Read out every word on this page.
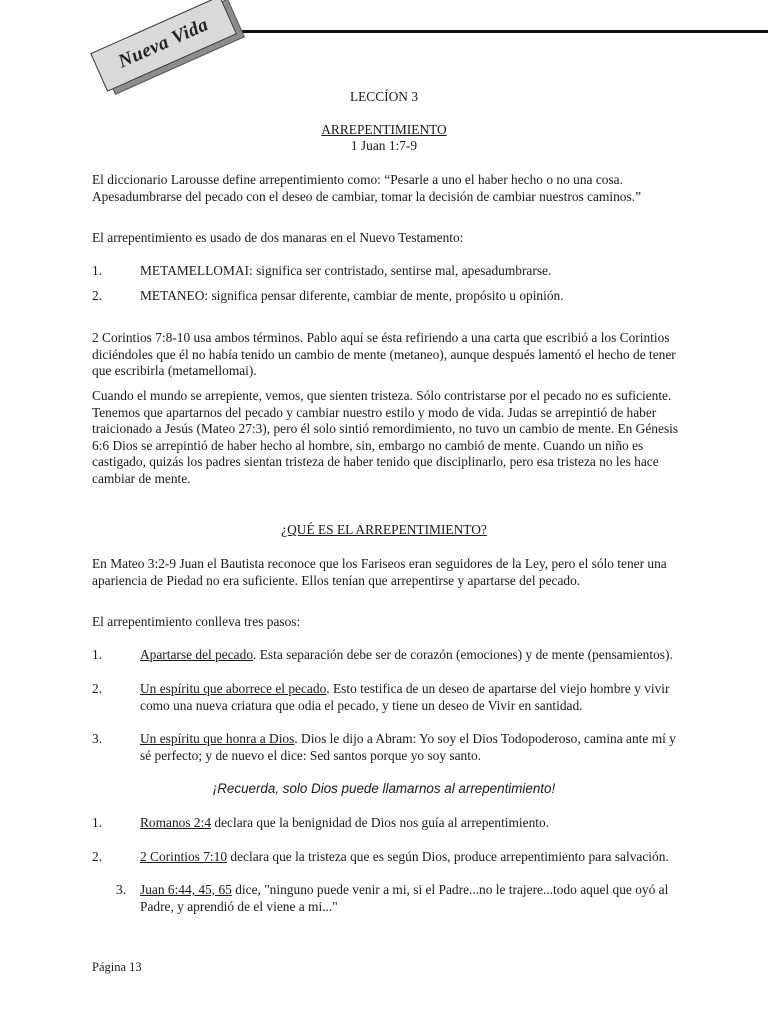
Nueva Vida
LECCÍON 3
ARREPENTIMIENTO
1 Juan 1:7-9
El diccionario Larousse define arrepentimiento como: “Pesarle a uno el haber hecho o no una cosa. Apesadumbrarse del pecado con el deseo de cambiar, tomar la decisión de cambiar nuestros caminos.”
El arrepentimiento es usado de dos manaras en el Nuevo Testamento:
1.	METAMELLOMAI: significa ser contristado, sentirse mal, apesadumbrarse.
2.	METANEO: significa pensar diferente, cambiar de mente, propósito u opinión.
2 Corintios 7:8-10 usa ambos términos. Pablo aquí se ésta refiriendo a una carta que escribió a los Corintios diciéndoles que él no había tenido un cambio de mente (metaneo), aunque después lamentó el hecho de tener que escribirla (metamellomai).
Cuando el mundo se arrepiente, vemos, que sienten tristeza. Sólo contristarse por el pecado no es suficiente. Tenemos que apartarnos del pecado y cambiar nuestro estilo y modo de vida. Judas se arrepintió de haber traicionado a Jesús (Mateo 27:3), pero él solo sintió remordimiento, no tuvo un cambio de mente. En Génesis 6:6 Dios se arrepintió de haber hecho al hombre, sin, embargo no cambió de mente. Cuando un niño es castigado, quizás los padres sientan tristeza de haber tenido que disciplinarlo, pero esa tristeza no les hace cambiar de mente.
¿QUÉ ES EL ARREPENTIMIENTO?
En Mateo 3:2-9 Juan el Bautista reconoce que los Fariseos eran seguidores de la Ley, pero el sólo tener una apariencia de Piedad no era suficiente. Ellos tenían que arrepentirse y apartarse del pecado.
El arrepentimiento conlleva tres pasos:
1.	Apartarse del pecado. Esta separación debe ser de corazón (emociones) y de mente (pensamientos).
2.	Un espíritu que aborrece el pecado. Esto testifica de un deseo de apartarse del viejo hombre y vivir como una nueva criatura que odia el pecado, y tiene un deseo de Vivir en santidad.
3.	Un espíritu que honra a Dios. Dios le dijo a Abram: Yo soy el Dios Todopoderoso, camina ante mí y sé perfecto; y de nuevo el dice: Sed santos porque yo soy santo.
¡Recuerda, solo Dios puede llamarnos al arrepentimiento!
1.	Romanos 2:4 declara que la benignidad de Dios nos guía al arrepentimiento.
2.	2 Corintios 7:10 declara que la tristeza que es según Dios, produce arrepentimiento para salvación.
3. Juan 6:44, 45, 65 dice, "ninguno puede venir a mi, si el Padre...no le trajere...todo aquel que oyó al Padre, y aprendió de el viene a mi..."
Página 13
